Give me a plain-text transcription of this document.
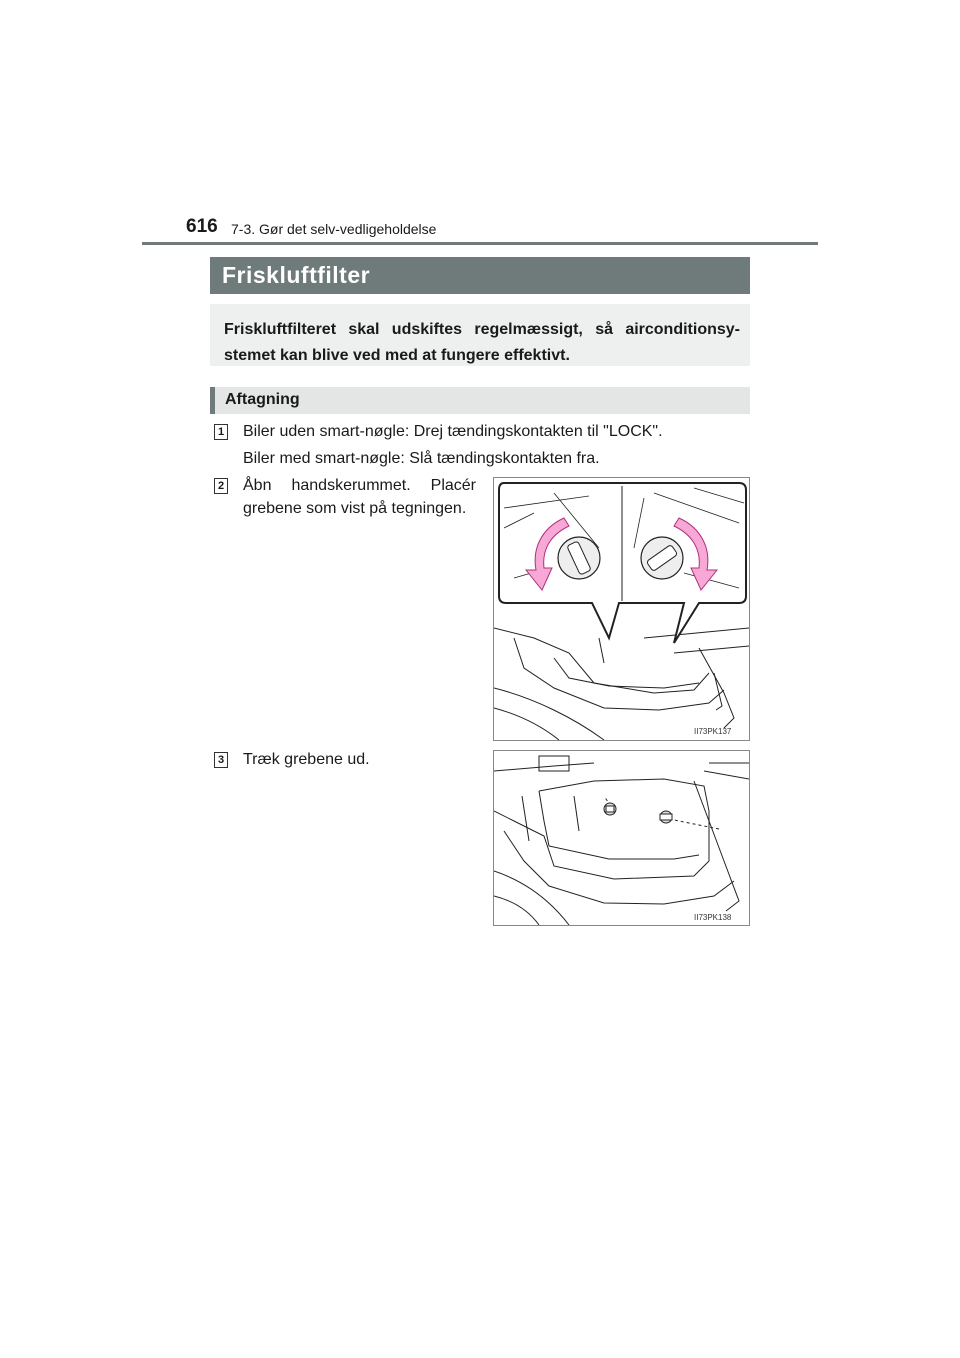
616 7-3. Gør det selv-vedligeholdelse
Friskluftfilter
Friskluftfilteret skal udskiftes regelmæssigt, så airconditionsy-stemet kan blive ved med at fungere effektivt.
Aftagning
1 Biler uden smart-nøgle: Drej tændingskontakten til "LOCK".
Biler med smart-nøgle: Slå tændingskontakten fra.
2 Åbn handskerummet. Placér grebene som vist på tegningen.
II73PK137
3 Træk grebene ud.
II73PK138
